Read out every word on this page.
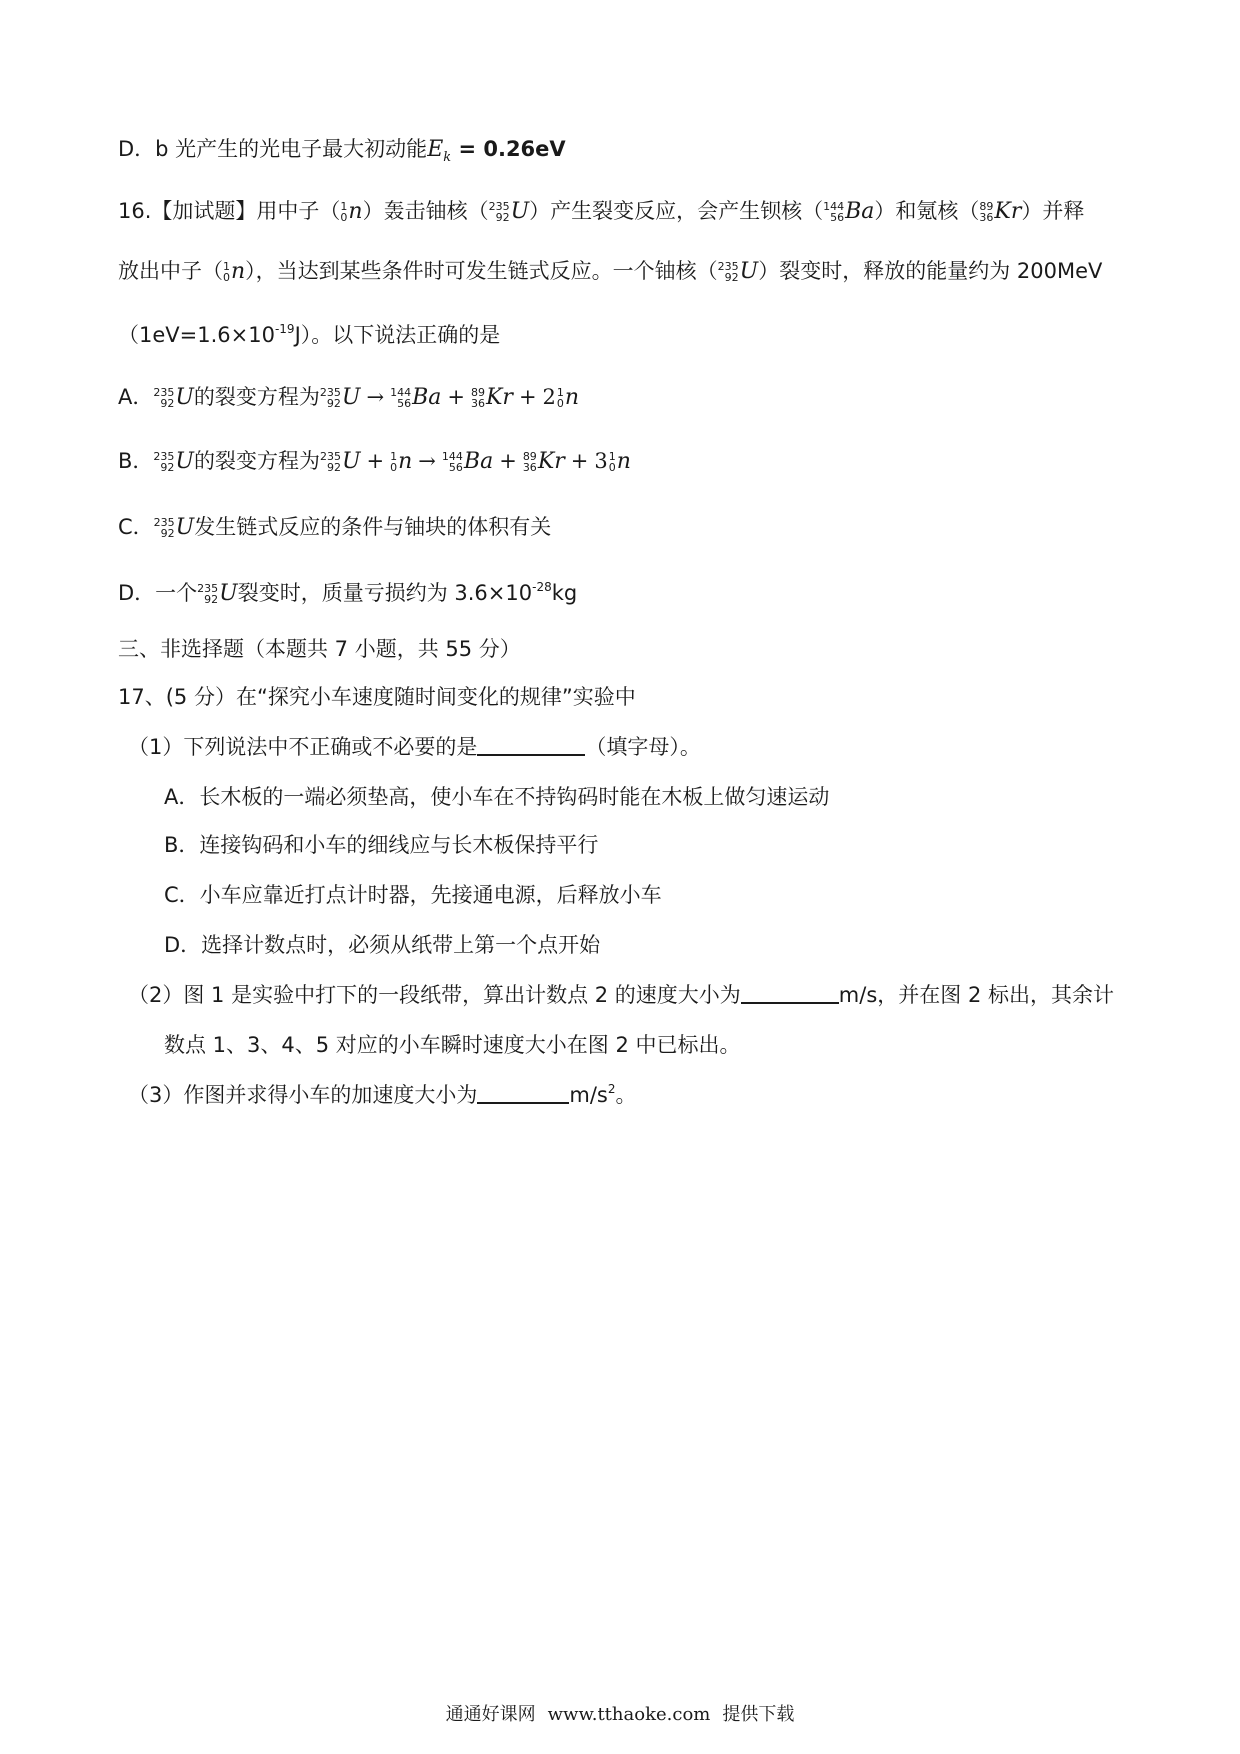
D．b 光产生的光电子最大初动能$E_k = 0.26eV$
16.【加试题】用中子（ 1
0 n ）轰击铀核（ 235
92 U ）产生裂变反应，会产生钡核（ 144
56 Ba ）和氪核（ 89
36 Kr ）并释
放出中子（ 1
0 n ），当达到某些条件时可发生链式反应。一个铀核（ 235
92 U ）裂变时，释放的能量约为 200MeV
$(1eV=1.6\times 10^{-19}J)$。以下说法正确的是
A． 235
92 U 的裂变方程为 235
92 U → 144
56 Ba + 89
36 Kr + 2 1
0 n
B． 235
92 U 的裂变方程为 235
92 U + 1
0 n → 144
56 Ba + 89
36 Kr + 3 1
0 n
C． 235
92 U 发生链式反应的条件与铀块的体积有关
D．一个 235
92 U 裂变时，质量亏损约为 $3.6\times 10^{-28}kg$
三、非选择题（本题共 7 小题，共 55 分）
17、(5 分）在“探究小车速度随时间变化的规律”实验中
（1）下列说法中不正确或不必要的是	（填字母）。
A．长木板的一端必须垫高，使小车在不持钩码时能在木板上做匀速运动
B．连接钩码和小车的细线应与长木板保持平行
C．小车应靠近打点计时器，先接通电源，后释放小车
D．选择计数点时，必须从纸带上第一个点开始
（2）图 1 是实验中打下的一段纸带，算出计数点 2 的速度大小为	m/s，并在图 2 标出，其余计
数点 1、3、4、5 对应的小车瞬时速度大小在图 2 中已标出。
（3）作图并求得小车的加速度大小为	$m/s^2$。
通通好课网 www.tthaoke.com 提供下载
